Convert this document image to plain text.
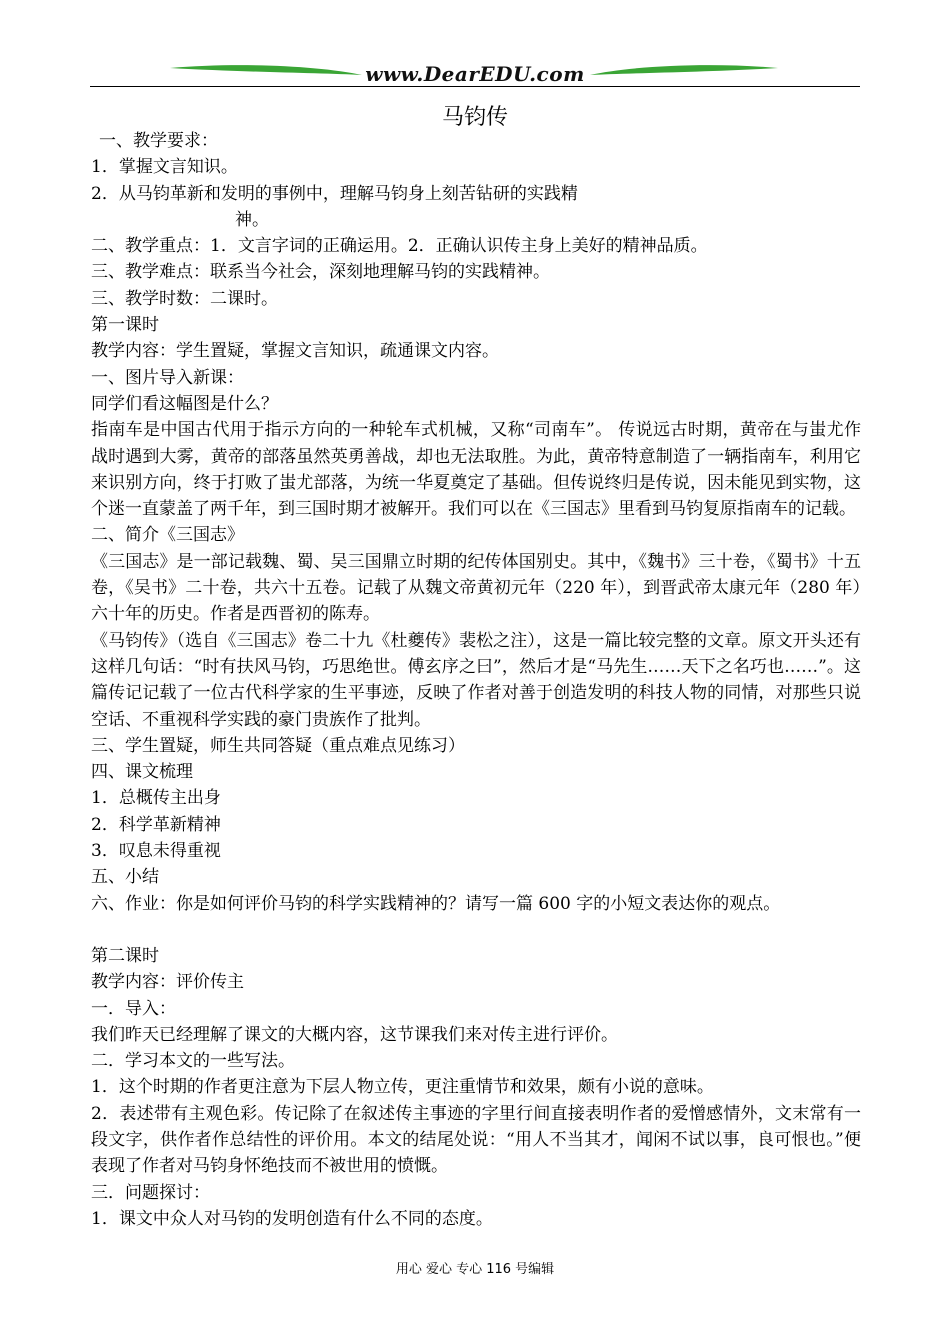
www.DearEDU.com
马钧传
一、教学要求：
1．掌握文言知识。
2．从马钧革新和发明的事例中，理解马钧身上刻苦钻研的实践精
神。
二、教学重点：1．文言字词的正确运用。2．正确认识传主身上美好的精神品质。
三、教学难点：联系当今社会，深刻地理解马钧的实践精神。
三、教学时数：二课时。
第一课时
教学内容：学生置疑，掌握文言知识，疏通课文内容。
一、图片导入新课：
同学们看这幅图是什么？
指南车是中国古代用于指示方向的一种轮车式机械，又称“司南车”。 传说远古时期，黄帝在与蚩尤作战时遇到大雾，黄帝的部落虽然英勇善战，却也无法取胜。为此，黄帝特意制造了一辆指南车，利用它来识别方向，终于打败了蚩尤部落，为统一华夏奠定了基础。但传说终归是传说，因未能见到实物，这个迷一直蒙盖了两千年，到三国时期才被解开。我们可以在《三国志》里看到马钧复原指南车的记载。
二、简介《三国志》
《三国志》是一部记载魏、蜀、吴三国鼎立时期的纪传体国别史。其中，《魏书》三十卷，《蜀书》十五卷，《吴书》二十卷，共六十五卷。记载了从魏文帝黄初元年（220 年），到晋武帝太康元年（280 年）六十年的历史。作者是西晋初的陈寿。
《马钧传》（选自《三国志》卷二十九《杜夔传》裴松之注），这是一篇比较完整的文章。原文开头还有这样几句话：“时有扶风马钧，巧思绝世。傅玄序之曰”，然后才是“马先生……天下之名巧也……”。这篇传记记载了一位古代科学家的生平事迹，反映了作者对善于创造发明的科技人物的同情，对那些只说空话、不重视科学实践的豪门贵族作了批判。
三、学生置疑，师生共同答疑（重点难点见练习）
四、课文梳理
1．总概传主出身
2．科学革新精神
3．叹息未得重视
五、小结
六、作业：你是如何评价马钧的科学实践精神的？请写一篇 600 字的小短文表达你的观点。
第二课时
教学内容：评价传主
一．导入：
我们昨天已经理解了课文的大概内容，这节课我们来对传主进行评价。
二．学习本文的一些写法。
1．这个时期的作者更注意为下层人物立传，更注重情节和效果，颇有小说的意味。
2．表述带有主观色彩。传记除了在叙述传主事迹的字里行间直接表明作者的爱憎感情外，文末常有一段文字，供作者作总结性的评价用。本文的结尾处说：“用人不当其才，闻闲不试以事，良可恨也。”便表现了作者对马钧身怀绝技而不被世用的愤慨。
三．问题探讨：
1．课文中众人对马钧的发明创造有什么不同的态度。
用心 爱心 专心 116 号编辑
